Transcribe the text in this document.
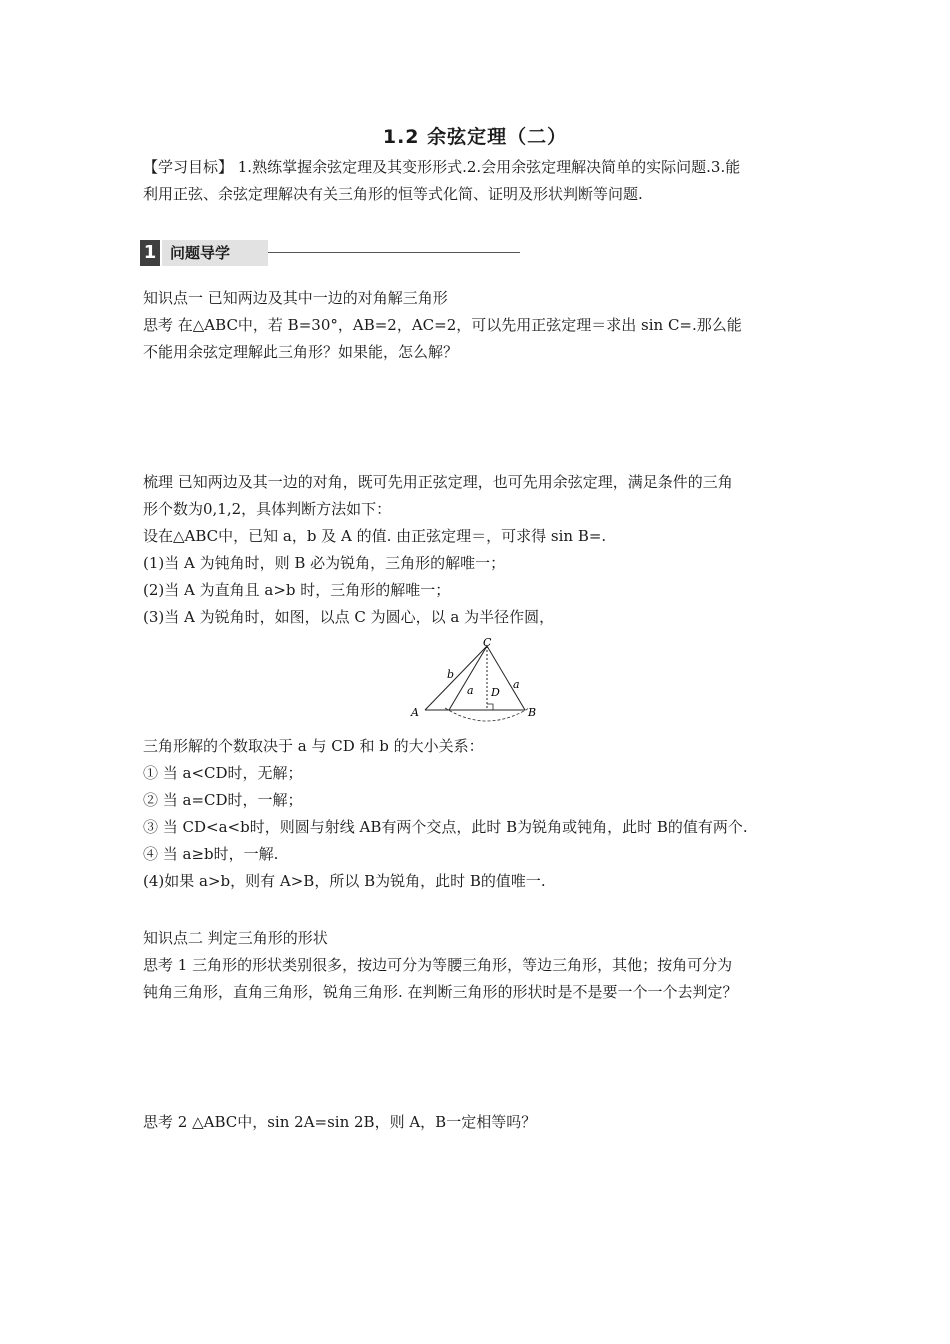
1.2 余弦定理（二）
【学习目标】 1.熟练掌握余弦定理及其变形形式.2.会用余弦定理解决简单的实际问题.3.能
利用正弦、余弦定理解决有关三角形的恒等式化简、证明及形状判断等问题.
1 问题导学
知识点一 已知两边及其中一边的对角解三角形
思考 在△ABC中，若 B=30°，AB=2，AC=2，可以先用正弦定理＝求出 sin C=.那么能
不能用余弦定理解此三角形？如果能，怎么解？
梳理 已知两边及其一边的对角，既可先用正弦定理，也可先用余弦定理，满足条件的三角
形个数为0,1,2，具体判断方法如下：
设在△ABC中，已知 a，b 及 A 的值. 由正弦定理＝，可求得 sin B=.
(1)当 A 为钝角时，则 B 必为锐角，三角形的解唯一；
(2)当 A 为直角且 a>b 时，三角形的解唯一；
(3)当 A 为锐角时，如图，以点 C 为圆心，以 a 为半径作圆，
C
A	B
D
b
a	a
三角形解的个数取决于 a 与 CD 和 b 的大小关系：
① 当 a<CD时，无解；
② 当 a=CD时，一解；
③ 当 CD<a<b时，则圆与射线 AB有两个交点，此时 B为锐角或钝角，此时 B的值有两个.
④ 当 a≥b时，一解.
(4)如果 a>b，则有 A>B，所以 B为锐角，此时 B的值唯一.
知识点二 判定三角形的形状
思考 1 三角形的形状类别很多，按边可分为等腰三角形，等边三角形，其他；按角可分为
钝角三角形，直角三角形，锐角三角形. 在判断三角形的形状时是不是要一个一个去判定？
思考 2 △ABC中，sin 2A=sin 2B，则 A，B一定相等吗？
